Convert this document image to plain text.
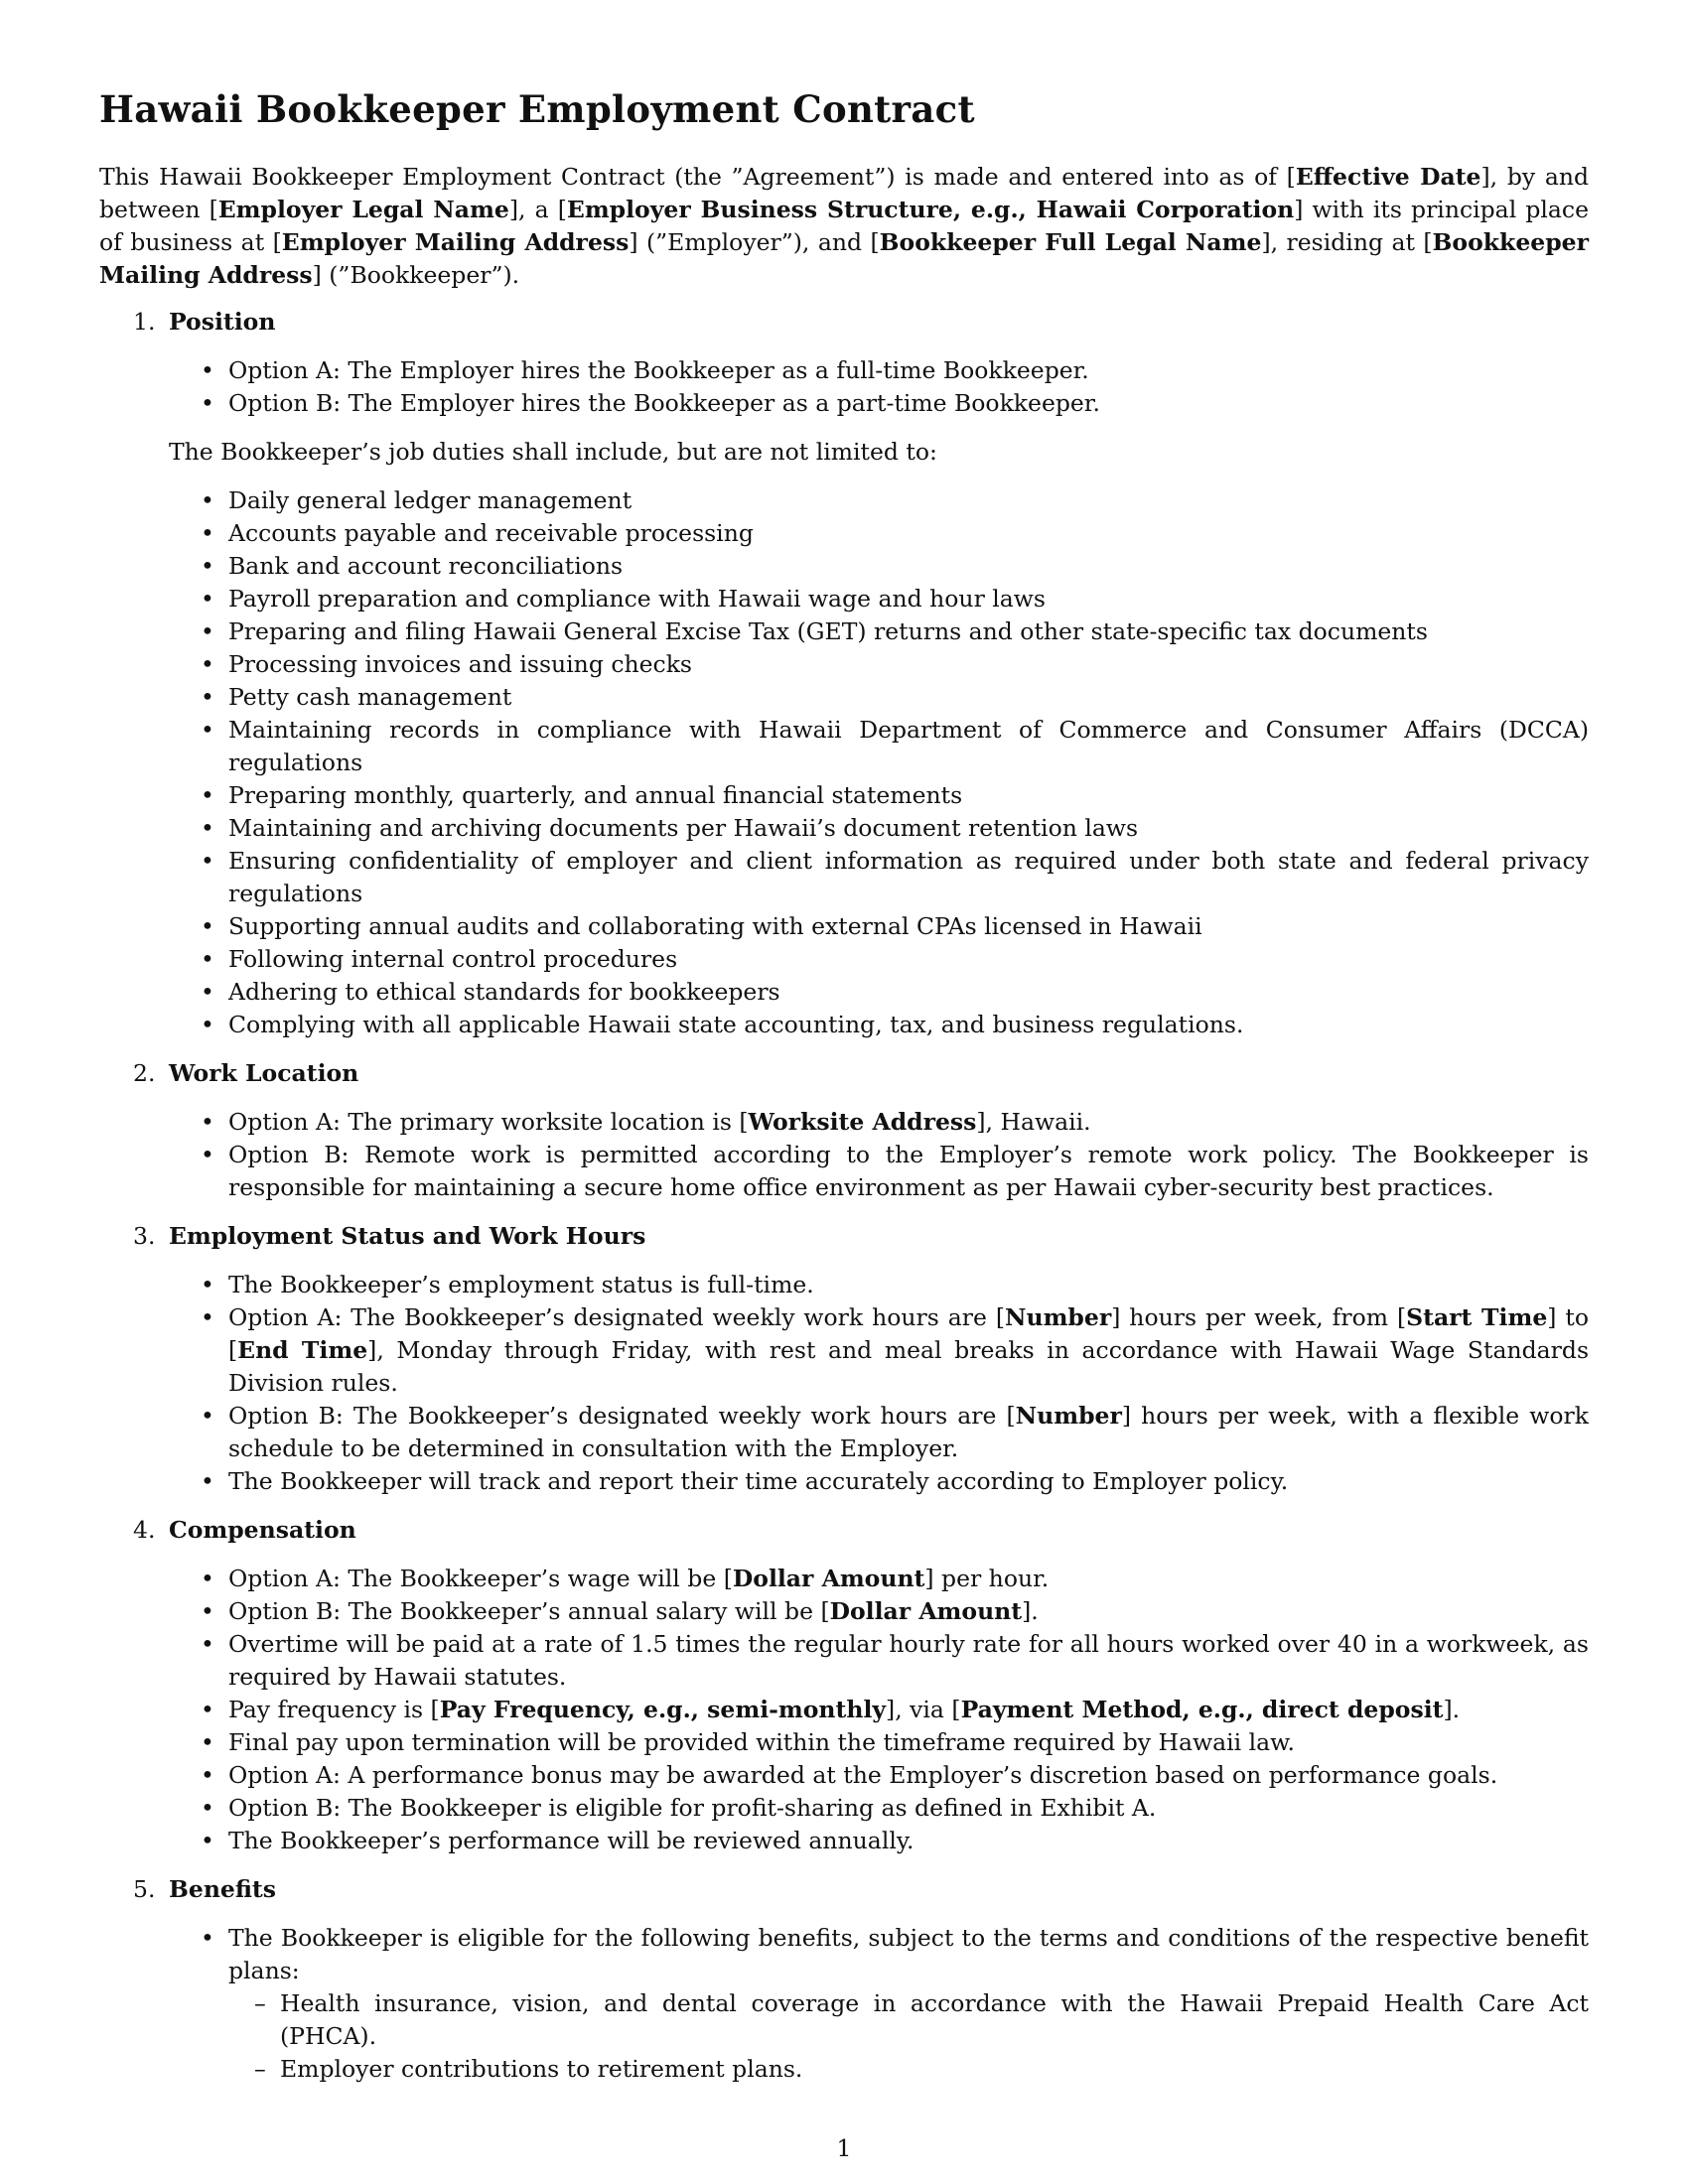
Hawaii Bookkeeper Employment Contract

This Hawaii Bookkeeper Employment Contract (the ”Agreement”) is made and entered into as of [Effective Date], by and between [Employer Legal Name], a [Employer Business Structure, e.g., Hawaii Corporation] with its principal place of business at [Employer Mailing Address] (”Employer”), and [Bookkeeper Full Legal Name], residing at [Bookkeeper Mailing Address] (”Bookkeeper”).

1. Position
• Option A: The Employer hires the Bookkeeper as a full-time Bookkeeper.
• Option B: The Employer hires the Bookkeeper as a part-time Bookkeeper.
The Bookkeeper’s job duties shall include, but are not limited to:
• Daily general ledger management
• Accounts payable and receivable processing
• Bank and account reconciliations
• Payroll preparation and compliance with Hawaii wage and hour laws
• Preparing and filing Hawaii General Excise Tax (GET) returns and other state-specific tax documents
• Processing invoices and issuing checks
• Petty cash management
• Maintaining records in compliance with Hawaii Department of Commerce and Consumer Affairs (DCCA) regulations
• Preparing monthly, quarterly, and annual financial statements
• Maintaining and archiving documents per Hawaii’s document retention laws
• Ensuring confidentiality of employer and client information as required under both state and federal privacy regulations
• Supporting annual audits and collaborating with external CPAs licensed in Hawaii
• Following internal control procedures
• Adhering to ethical standards for bookkeepers
• Complying with all applicable Hawaii state accounting, tax, and business regulations.
2. Work Location
• Option A: The primary worksite location is [Worksite Address], Hawaii.
• Option B: Remote work is permitted according to the Employer’s remote work policy. The Bookkeeper is responsible for maintaining a secure home office environment as per Hawaii cyber-security best practices.
3. Employment Status and Work Hours
• The Bookkeeper’s employment status is full-time.
• Option A: The Bookkeeper’s designated weekly work hours are [Number] hours per week, from [Start Time] to [End Time], Monday through Friday, with rest and meal breaks in accordance with Hawaii Wage Standards Division rules.
• Option B: The Bookkeeper’s designated weekly work hours are [Number] hours per week, with a flexible work schedule to be determined in consultation with the Employer.
• The Bookkeeper will track and report their time accurately according to Employer policy.
4. Compensation
• Option A: The Bookkeeper’s wage will be [Dollar Amount] per hour.
• Option B: The Bookkeeper’s annual salary will be [Dollar Amount].
• Overtime will be paid at a rate of 1.5 times the regular hourly rate for all hours worked over 40 in a workweek, as required by Hawaii statutes.
• Pay frequency is [Pay Frequency, e.g., semi-monthly], via [Payment Method, e.g., direct deposit].
• Final pay upon termination will be provided within the timeframe required by Hawaii law.
• Option A: A performance bonus may be awarded at the Employer’s discretion based on performance goals.
• Option B: The Bookkeeper is eligible for profit-sharing as defined in Exhibit A.
• The Bookkeeper’s performance will be reviewed annually.
5. Benefits
• The Bookkeeper is eligible for the following benefits, subject to the terms and conditions of the respective benefit plans:
– Health insurance, vision, and dental coverage in accordance with the Hawaii Prepaid Health Care Act (PHCA).
– Employer contributions to retirement plans.
1
